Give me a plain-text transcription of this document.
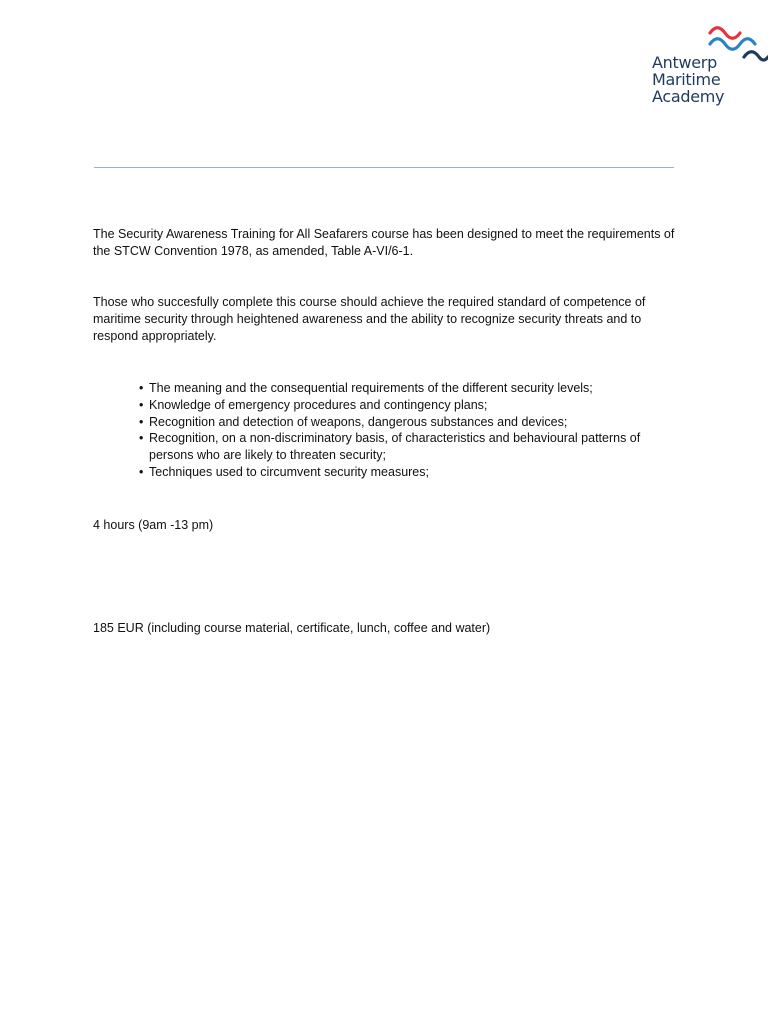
Antwerp
Maritime
Academy

The Security Awareness Training for All Seafarers course has been designed to meet the requirements of the STCW Convention 1978, as amended, Table A-VI/6-1.

Those who succesfully complete this course should achieve the required standard of competence of maritime security through heightened awareness and the ability to recognize security threats and to respond appropriately.

• The meaning and the consequential requirements of the different security levels;
• Knowledge of emergency procedures and contingency plans;
• Recognition and detection of weapons, dangerous substances and devices;
• Recognition, on a non-discriminatory basis, of characteristics and behavioural patterns of persons who are likely to threaten security;
• Techniques used to circumvent security measures;

4 hours (9am -13 pm)

185 EUR (including course material, certificate, lunch, coffee and water)
